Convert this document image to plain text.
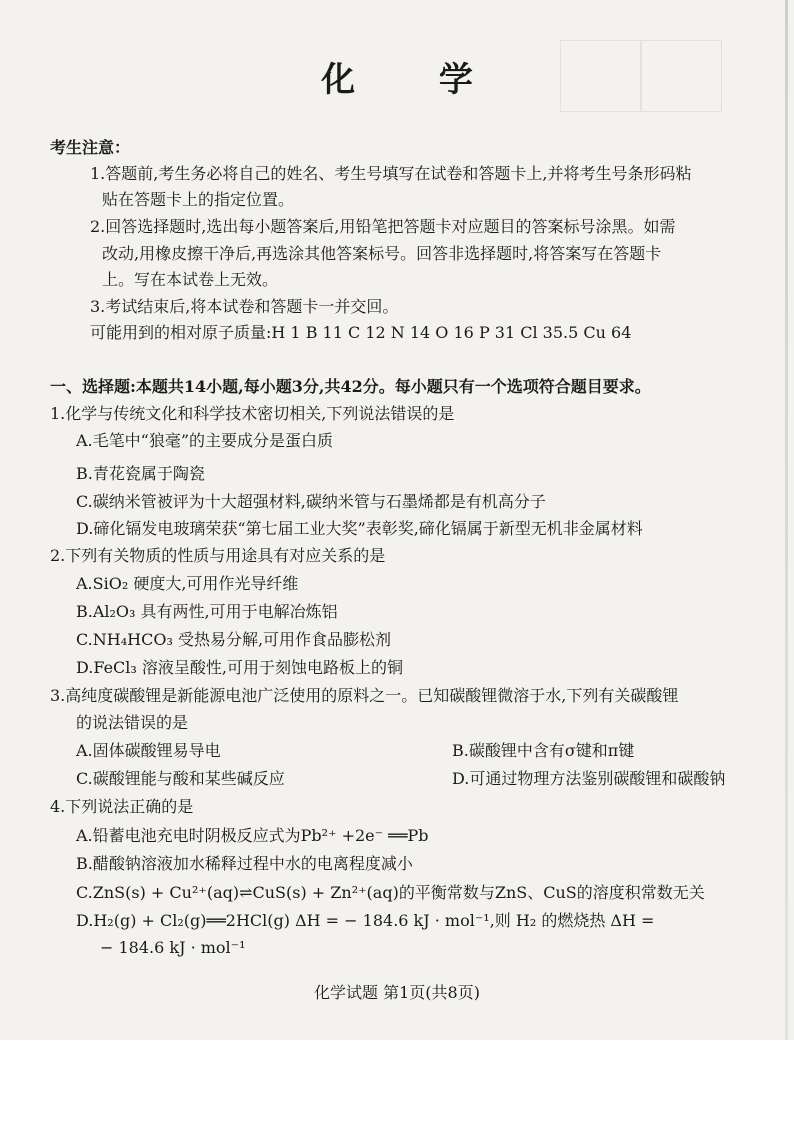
化 学
考生注意：
1.答题前,考生务必将自己的姓名、考生号填写在试卷和答题卡上,并将考生号条形码粘
贴在答题卡上的指定位置。
2.回答选择题时,选出每小题答案后,用铅笔把答题卡对应题目的答案标号涂黑。如需
改动,用橡皮擦干净后,再选涂其他答案标号。回答非选择题时,将答案写在答题卡
上。写在本试卷上无效。
3.考试结束后,将本试卷和答题卡一并交回。
可能用到的相对原子质量:H 1 B 11 C 12 N 14 O 16 P 31 Cl 35.5 Cu 64
一、选择题:本题共14小题,每小题3分,共42分。每小题只有一个选项符合题目要求。
1.化学与传统文化和科学技术密切相关,下列说法错误的是
A.毛笔中“狼毫”的主要成分是蛋白质
B.青花瓷属于陶瓷
C.碳纳米管被评为十大超强材料,碳纳米管与石墨烯都是有机高分子
D.碲化镉发电玻璃荣获“第七届工业大奖”表彰奖,碲化镉属于新型无机非金属材料
2.下列有关物质的性质与用途具有对应关系的是
A.SiO₂ 硬度大,可用作光导纤维
B.Al₂O₃ 具有两性,可用于电解冶炼铝
C.NH₄HCO₃ 受热易分解,可用作食品膨松剂
D.FeCl₃ 溶液呈酸性,可用于刻蚀电路板上的铜
3.高纯度碳酸锂是新能源电池广泛使用的原料之一。已知碳酸锂微溶于水,下列有关碳酸锂
的说法错误的是
A.固体碳酸锂易导电	B.碳酸锂中含有σ键和π键
C.碳酸锂能与酸和某些碱反应	D.可通过物理方法鉴别碳酸锂和碳酸钠
4.下列说法正确的是
A.铅蓄电池充电时阴极反应式为Pb²⁺ +2e⁻ ══Pb
B.醋酸钠溶液加水稀释过程中水的电离程度减小
C.ZnS(s) + Cu²⁺(aq)⇌CuS(s) + Zn²⁺(aq)的平衡常数与ZnS、CuS的溶度积常数无关
D.H₂(g) + Cl₂(g)══2HCl(g) ΔH = − 184.6 kJ · mol⁻¹,则 H₂ 的燃烧热 ΔH =
− 184.6 kJ · mol⁻¹
化学试题 第1页(共8页)
